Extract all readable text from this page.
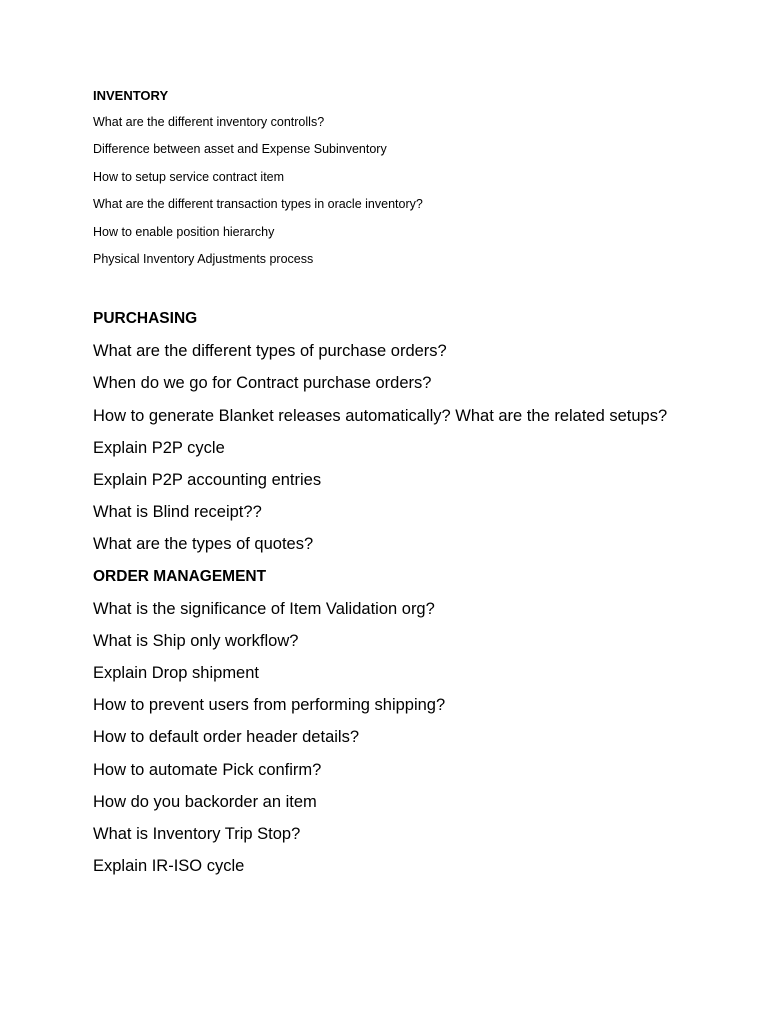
INVENTORY
What are the different inventory controlls?
Difference between asset and Expense Subinventory
How to setup service contract item
What are the different transaction types in oracle inventory?
How to enable position hierarchy
Physical Inventory Adjustments process
PURCHASING
What are the different types of purchase orders?
When do we go for Contract purchase orders?
How to generate Blanket releases automatically? What are the related setups?
Explain P2P cycle
Explain P2P accounting entries
What is Blind receipt??
What are the types of quotes?
ORDER MANAGEMENT
What is the significance of Item Validation org?
What is Ship only workflow?
Explain Drop shipment
How to prevent users from performing shipping?
How to default order header details?
How to automate Pick confirm?
How do you backorder an item
What is Inventory Trip Stop?
Explain IR-ISO cycle
